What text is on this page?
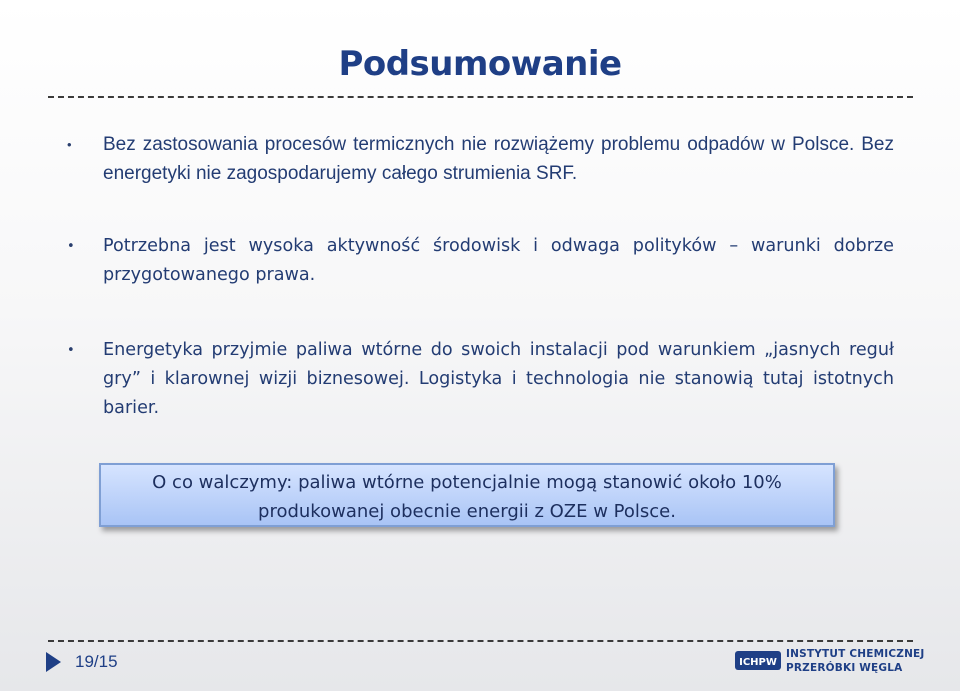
Podsumowanie
• Bez zastosowania procesów termicznych nie rozwiążemy problemu odpadów w Polsce. Bez energetyki nie zagospodarujemy całego strumienia SRF.
• Potrzebna jest wysoka aktywność środowisk i odwaga polityków – warunki dobrze przygotowanego prawa.
• Energetyka przyjmie paliwa wtórne do swoich instalacji pod warunkiem „jasnych reguł gry” i klarownej wizji biznesowej. Logistyka i technologia nie stanowią tutaj istotnych barier.
O co walczymy: paliwa wtórne potencjalnie mogą stanowić około 10% produkowanej obecnie energii z OZE w Polsce.
19/15	ICHPW
INSTYTUT CHEMICZNEJ
PRZERÓBKI WĘGLA
